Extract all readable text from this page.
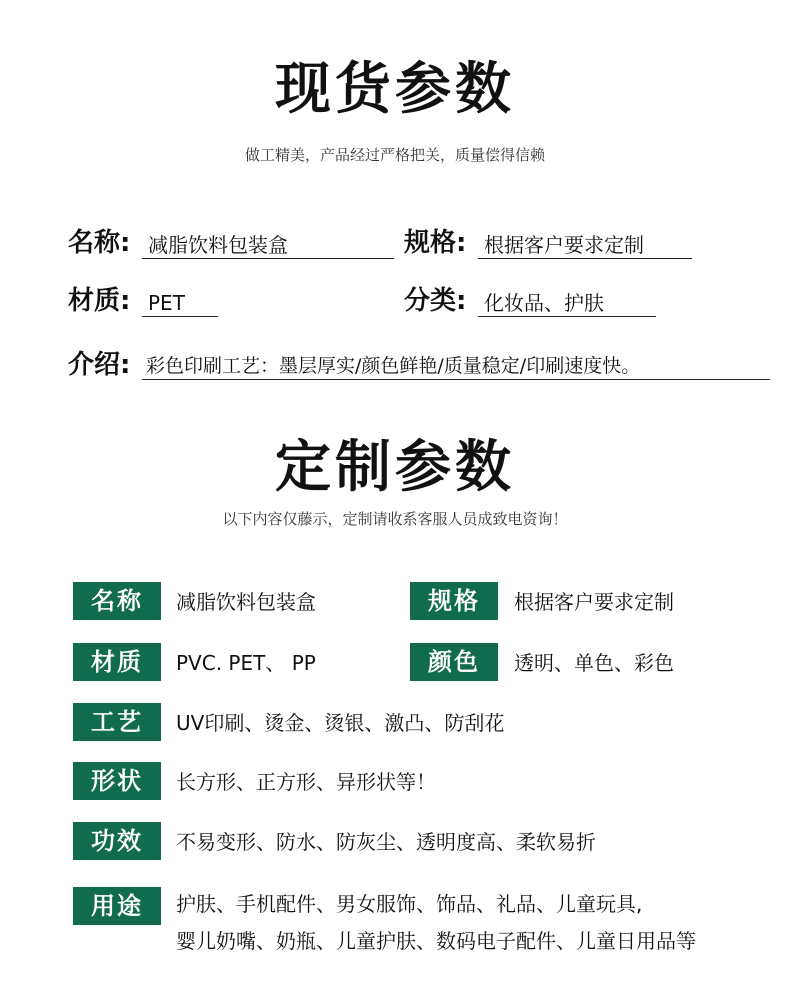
现货参数
做工精美，产品经过严格把关，质量偿得信赖
名称: 减脂饮料包装盒	规格: 根据客户要求定制
材质: PET	分类: 化妆品、护肤
介绍: 彩色印刷工艺：墨层厚实/颜色鲜艳/质量稳定/印刷速度快。
定制参数
以下内容仅藤示，定制请收系客服人员成致电资询！
名称	减脂饮料包装盒	规格	根据客户要求定制
材质	PVC. PET、 PP	颜色	透明、单色、彩色
工艺	UV印刷、烫金、烫银、激凸、防刮花
形状	长方形、正方形、异形状等！
功效	不易变形、防水、防灰尘、透明度高、柔软易折
用途	护肤、手机配件、男女服饰、饰品、礼品、儿童玩具,
婴儿奶嘴、奶瓶、儿童护肤、数码电子配件、儿童日用品等
